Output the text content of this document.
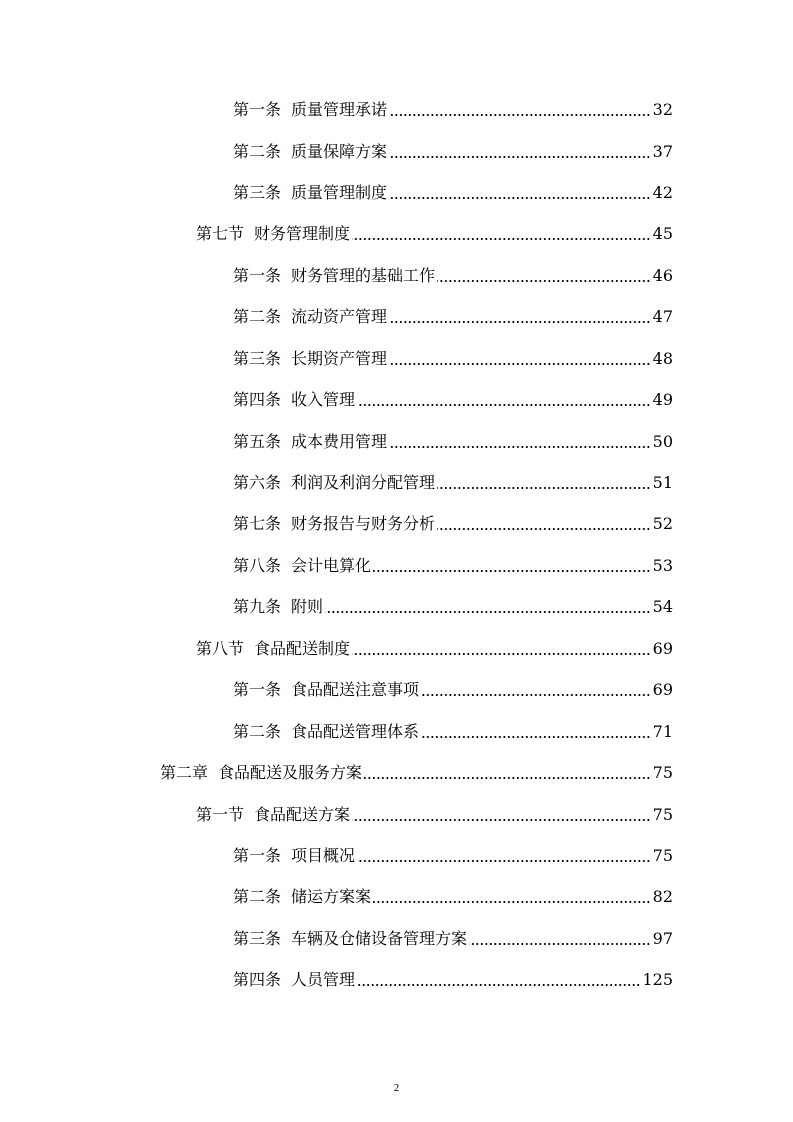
第一条 质量管理承诺	32
第二条 质量保障方案	37
第三条 质量管理制度	42
第七节 财务管理制度	45
第一条 财务管理的基础工作	46
第二条 流动资产管理	47
第三条 长期资产管理	48
第四条 收入管理	49
第五条 成本费用管理	50
第六条 利润及利润分配管理	51
第七条 财务报告与财务分析	52
第八条 会计电算化	53
第九条 附则	54
第八节 食品配送制度	69
第一条 食品配送注意事项	69
第二条 食品配送管理体系	71
第二章 食品配送及服务方案	75
第一节 食品配送方案	75
第一条 项目概况	75
第二条 储运方案案	82
第三条 车辆及仓储设备管理方案	97
第四条 人员管理	125
2
